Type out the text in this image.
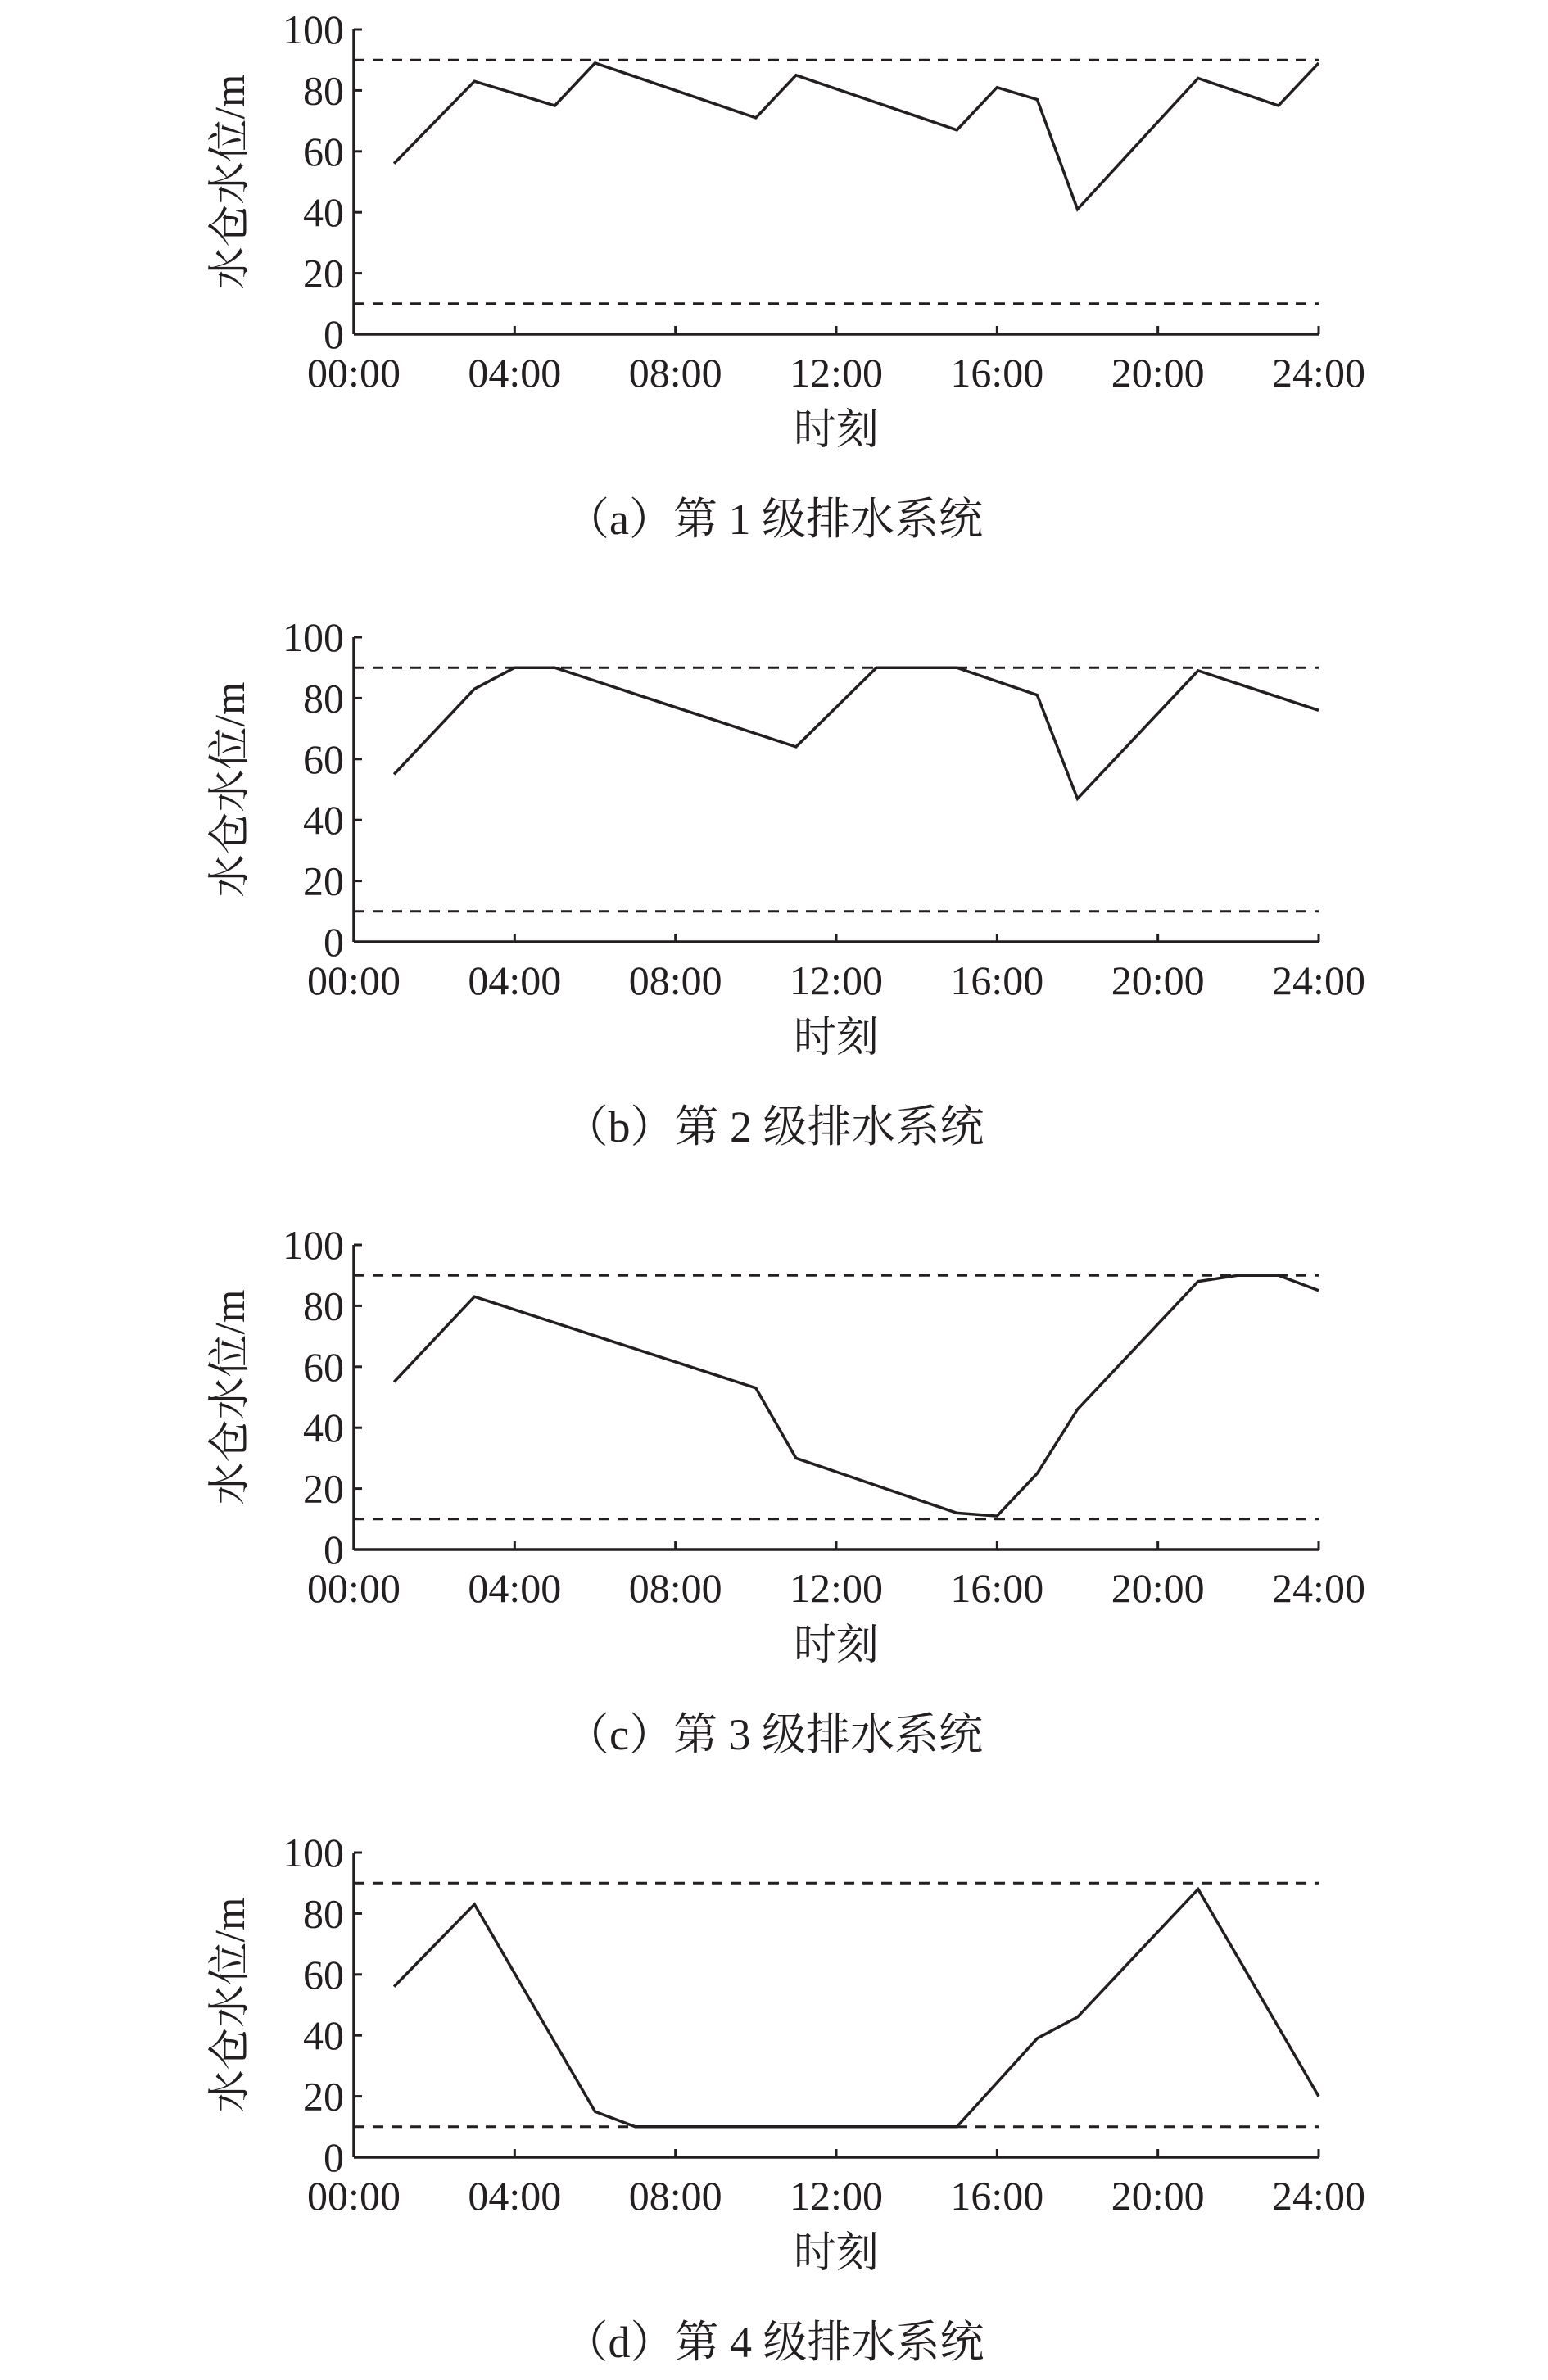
0
20
40
60
80
100
00:00 04:00 08:00 12:00 16:00 20:00 24:00
时刻
水仓水位/m
（a）第 1 级排水系统
0
20
40
60
80
100
00:00 04:00 08:00 12:00 16:00 20:00 24:00
时刻
水仓水位/m
（b）第 2 级排水系统
0
20
40
60
80
100
00:00 04:00 08:00 12:00 16:00 20:00 24:00
时刻
水仓水位/m
（c）第 3 级排水系统
0
20
40
60
80
100
00:00 04:00 08:00 12:00 16:00 20:00 24:00
时刻
水仓水位/m
（d）第 4 级排水系统
